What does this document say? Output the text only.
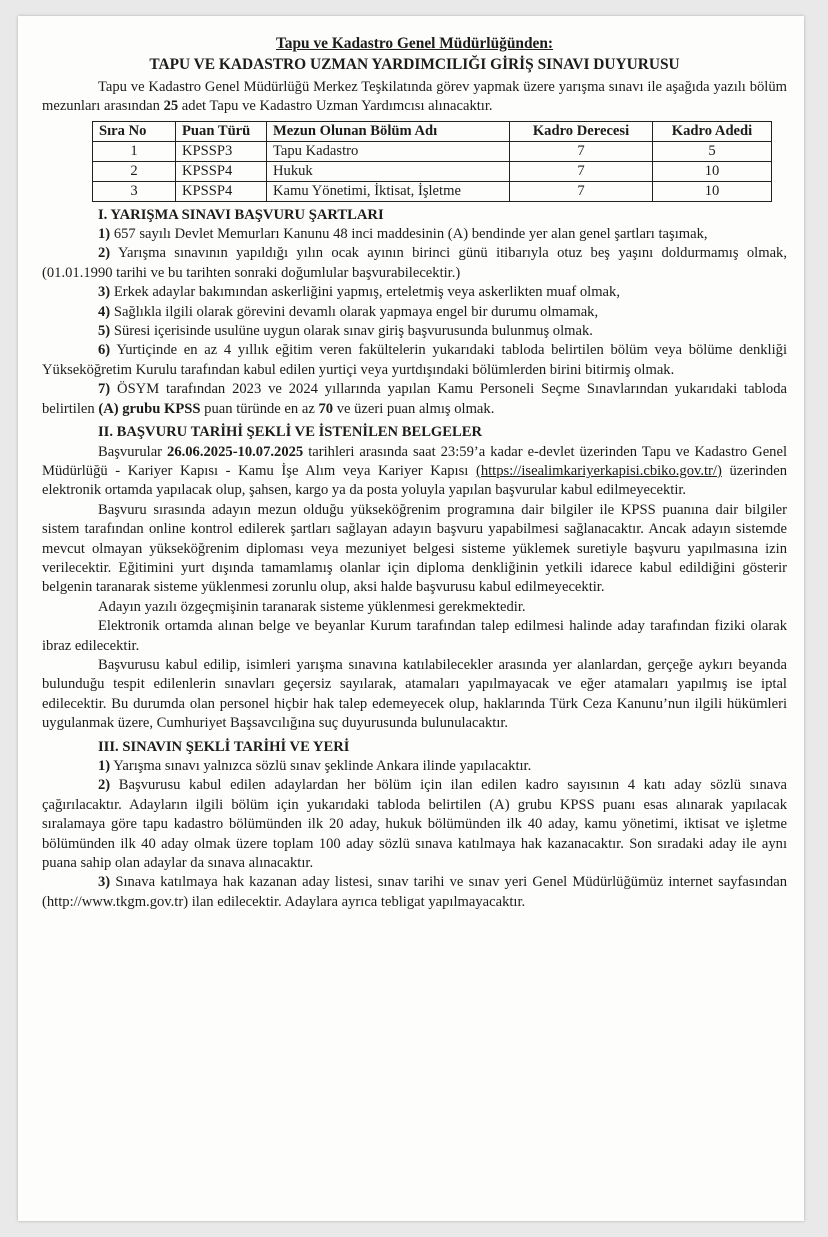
Tapu ve Kadastro Genel Müdürlüğünden:
TAPU VE KADASTRO UZMAN YARDIMCILIĞI GİRİŞ SINAVI DUYURUSU

Tapu ve Kadastro Genel Müdürlüğü Merkez Teşkilatında görev yapmak üzere yarışma sınavı ile aşağıda yazılı bölüm mezunları arasından 25 adet Tapu ve Kadastro Uzman Yardımcısı alınacaktır.

Sıra No	Puan Türü	Mezun Olunan Bölüm Adı	Kadro Derecesi	Kadro Adedi
1	KPSSP3	Tapu Kadastro	7	5
2	KPSSP4	Hukuk	7	10
3	KPSSP4	Kamu Yönetimi, İktisat, İşletme	7	10
I. YARIŞMA SINAVI BAŞVURU ŞARTLARI

1) 657 sayılı Devlet Memurları Kanunu 48 inci maddesinin (A) bendinde yer alan genel şartları taşımak,

2) Yarışma sınavının yapıldığı yılın ocak ayının birinci günü itibarıyla otuz beş yaşını doldurmamış olmak, (01.01.1990 tarihi ve bu tarihten sonraki doğumlular başvurabilecektir.)

3) Erkek adaylar bakımından askerliğini yapmış, erteletmiş veya askerlikten muaf olmak,

4) Sağlıkla ilgili olarak görevini devamlı olarak yapmaya engel bir durumu olmamak,

5) Süresi içerisinde usulüne uygun olarak sınav giriş başvurusunda bulunmuş olmak.

6) Yurtiçinde en az 4 yıllık eğitim veren fakültelerin yukarıdaki tabloda belirtilen bölüm veya bölüme denkliği Yükseköğretim Kurulu tarafından kabul edilen yurtiçi veya yurtdışındaki bölümlerden birini bitirmiş olmak.

7) ÖSYM tarafından 2023 ve 2024 yıllarında yapılan Kamu Personeli Seçme Sınavlarından yukarıdaki tabloda belirtilen (A) grubu KPSS puan türünde en az 70 ve üzeri puan almış olmak.

II. BAŞVURU TARİHİ ŞEKLİ VE İSTENİLEN BELGELER

Başvurular 26.06.2025-10.07.2025 tarihleri arasında saat 23:59’a kadar e-devlet üzerinden Tapu ve Kadastro Genel Müdürlüğü - Kariyer Kapısı - Kamu İşe Alım veya Kariyer Kapısı (https://isealimkariyerkapisi.cbiko.gov.tr/) üzerinden elektronik ortamda yapılacak olup, şahsen, kargo ya da posta yoluyla yapılan başvurular kabul edilmeyecektir.

Başvuru sırasında adayın mezun olduğu yükseköğrenim programına dair bilgiler ile KPSS puanına dair bilgiler sistem tarafından online kontrol edilerek şartları sağlayan adayın başvuru yapabilmesi sağlanacaktır. Ancak adayın sistemde mevcut olmayan yükseköğrenim diploması veya mezuniyet belgesi sisteme yüklemek suretiyle başvuru yapılmasına izin verilecektir. Eğitimini yurt dışında tamamlamış olanlar için diploma denkliğinin yetkili idarece kabul edildiğini gösterir belgenin taranarak sisteme yüklenmesi zorunlu olup, aksi halde başvurusu kabul edilmeyecektir.

Adayın yazılı özgeçmişinin taranarak sisteme yüklenmesi gerekmektedir.

Elektronik ortamda alınan belge ve beyanlar Kurum tarafından talep edilmesi halinde aday tarafından fiziki olarak ibraz edilecektir.

Başvurusu kabul edilip, isimleri yarışma sınavına katılabilecekler arasında yer alanlardan, gerçeğe aykırı beyanda bulunduğu tespit edilenlerin sınavları geçersiz sayılarak, atamaları yapılmayacak ve eğer atamaları yapılmış ise iptal edilecektir. Bu durumda olan personel hiçbir hak talep edemeyecek olup, haklarında Türk Ceza Kanunu’nun ilgili hükümleri uygulanmak üzere, Cumhuriyet Başsavcılığına suç duyurusunda bulunulacaktır.

III. SINAVIN ŞEKLİ TARİHİ VE YERİ

1) Yarışma sınavı yalnızca sözlü sınav şeklinde Ankara ilinde yapılacaktır.

2) Başvurusu kabul edilen adaylardan her bölüm için ilan edilen kadro sayısının 4 katı aday sözlü sınava çağırılacaktır. Adayların ilgili bölüm için yukarıdaki tabloda belirtilen (A) grubu KPSS puanı esas alınarak yapılacak sıralamaya göre tapu kadastro bölümünden ilk 20 aday, hukuk bölümünden ilk 40 aday, kamu yönetimi, iktisat ve işletme bölümünden ilk 40 aday olmak üzere toplam 100 aday sözlü sınava katılmaya hak kazanacaktır. Son sıradaki aday ile aynı puana sahip olan adaylar da sınava alınacaktır.

3) Sınava katılmaya hak kazanan aday listesi, sınav tarihi ve sınav yeri Genel Müdürlüğümüz internet sayfasından (http://www.tkgm.gov.tr) ilan edilecektir. Adaylara ayrıca tebligat yapılmayacaktır.
